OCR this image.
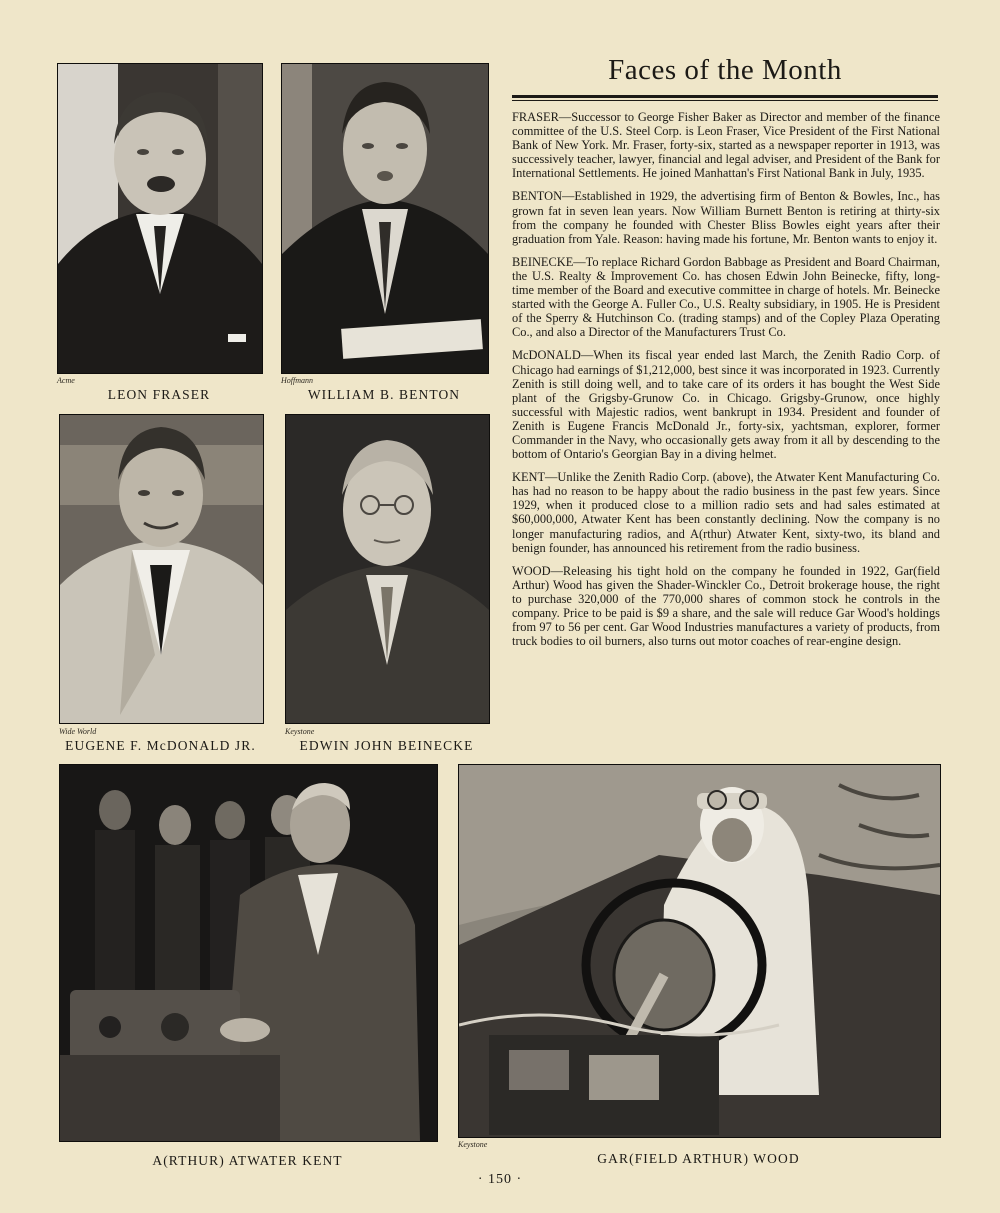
Acme
LEON FRASER
Hoffmann
WILLIAM B. BENTON
Wide World
EUGENE F. McDONALD JR.
Keystone
EDWIN JOHN BEINECKE
A(RTHUR) ATWATER KENT
Keystone
GAR(FIELD ARTHUR) WOOD
Faces of the Month

FRASER—Successor to George Fisher Baker as Director and member of the finance committee of the U.S. Steel Corp. is Leon Fraser, Vice President of the First National Bank of New York. Mr. Fraser, forty-six, started as a newspaper reporter in 1913, was successively teacher, lawyer, financial and legal adviser, and President of the Bank for International Settlements. He joined Manhattan's First National Bank in July, 1935.

BENTON—Established in 1929, the advertising firm of Benton & Bowles, Inc., has grown fat in seven lean years. Now William Burnett Benton is retiring at thirty-six from the company he founded with Chester Bliss Bowles eight years after their graduation from Yale. Reason: having made his fortune, Mr. Benton wants to enjoy it.

BEINECKE—To replace Richard Gordon Babbage as President and Board Chairman, the U.S. Realty & Improvement Co. has chosen Edwin John Beinecke, fifty, long-time member of the Board and executive committee in charge of hotels. Mr. Beinecke started with the George A. Fuller Co., U.S. Realty subsidiary, in 1905. He is President of the Sperry & Hutchinson Co. (trading stamps) and of the Copley Plaza Operating Co., and also a Director of the Manufacturers Trust Co.

McDONALD—When its fiscal year ended last March, the Zenith Radio Corp. of Chicago had earnings of $1,212,000, best since it was incorporated in 1923. Currently Zenith is still doing well, and to take care of its orders it has bought the West Side plant of the Grigsby-Grunow Co. in Chicago. Grigsby-Grunow, once highly successful with Majestic radios, went bankrupt in 1934. President and founder of Zenith is Eugene Francis McDonald Jr., forty-six, yachtsman, explorer, former Commander in the Navy, who occasionally gets away from it all by descending to the bottom of Ontario's Georgian Bay in a diving helmet.

KENT—Unlike the Zenith Radio Corp. (above), the Atwater Kent Manufacturing Co. has had no reason to be happy about the radio business in the past few years. Since 1929, when it produced close to a million radio sets and had sales estimated at $60,000,000, Atwater Kent has been constantly declining. Now the company is no longer manufacturing radios, and A(rthur) Atwater Kent, sixty-two, its bland and benign founder, has announced his retirement from the radio business.

WOOD—Releasing his tight hold on the company he founded in 1922, Gar(field Arthur) Wood has given the Shader-Winckler Co., Detroit brokerage house, the right to purchase 320,000 of the 770,000 shares of common stock he controls in the company. Price to be paid is $9 a share, and the sale will reduce Gar Wood's holdings from 97 to 56 per cent. Gar Wood Industries manufactures a variety of products, from truck bodies to oil burners, also turns out motor coaches of rear-engine design.

· 150 ·
